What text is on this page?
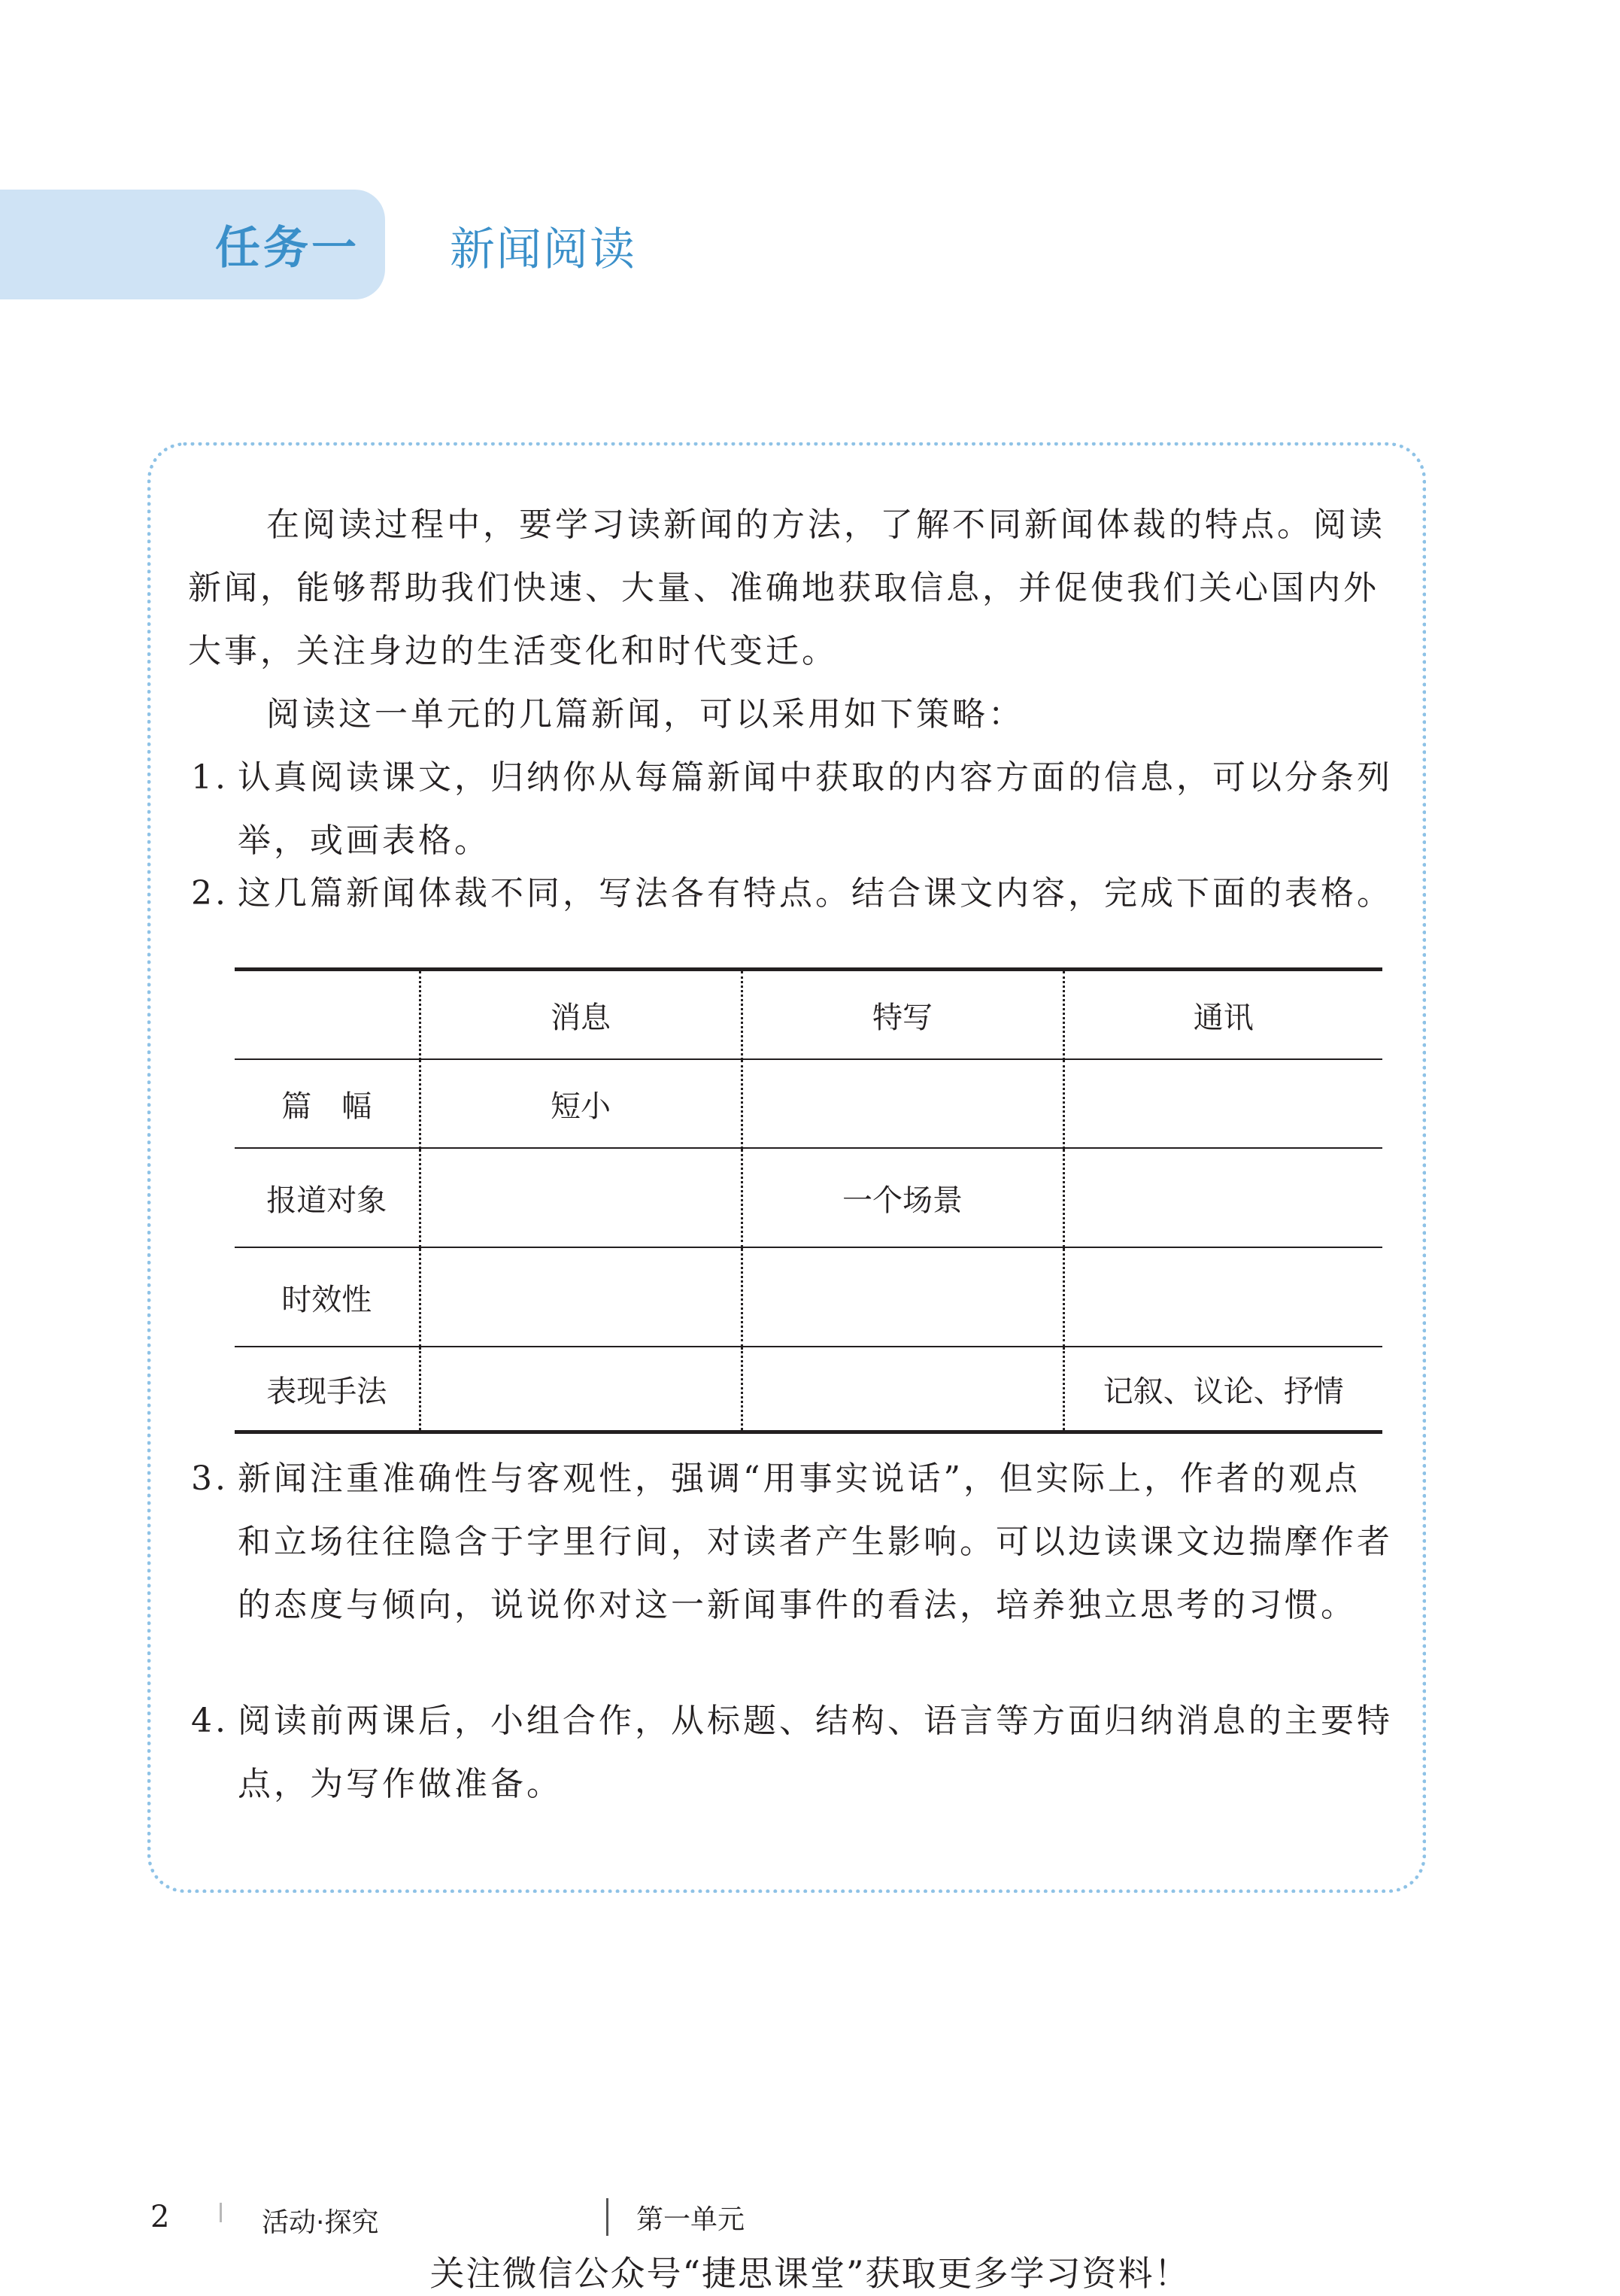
任务一 新闻阅读

在阅读过程中，要学习读新闻的方法，了解不同新闻体裁的特点。阅读新闻，能够帮助我们快速、大量、准确地获取信息，并促使我们关心国内外大事，关注身边的生活变化和时代变迁。

阅读这一单元的几篇新闻，可以采用如下策略：

1. 认真阅读课文，归纳你从每篇新闻中获取的内容方面的信息，可以分条列举，或画表格。
2. 这几篇新闻体裁不同，写法各有特点。结合课文内容，完成下面的表格。
	消息	特写	通讯
篇　幅	短小		
报道对象		一个场景	
时效性			
表现手法			记叙、议论、抒情
3. 新闻注重准确性与客观性，强调“用事实说话”，但实际上，作者的观点和立场往往隐含于字里行间，对读者产生影响。可以边读课文边揣摩作者的态度与倾向，说说你对这一新闻事件的看法，培养独立思考的习惯。
4. 阅读前两课后，小组合作，从标题、结构、语言等方面归纳消息的主要特点，为写作做准备。
2	活动·探究	第一单元
关注微信公众号“捷思课堂”获取更多学习资料！
